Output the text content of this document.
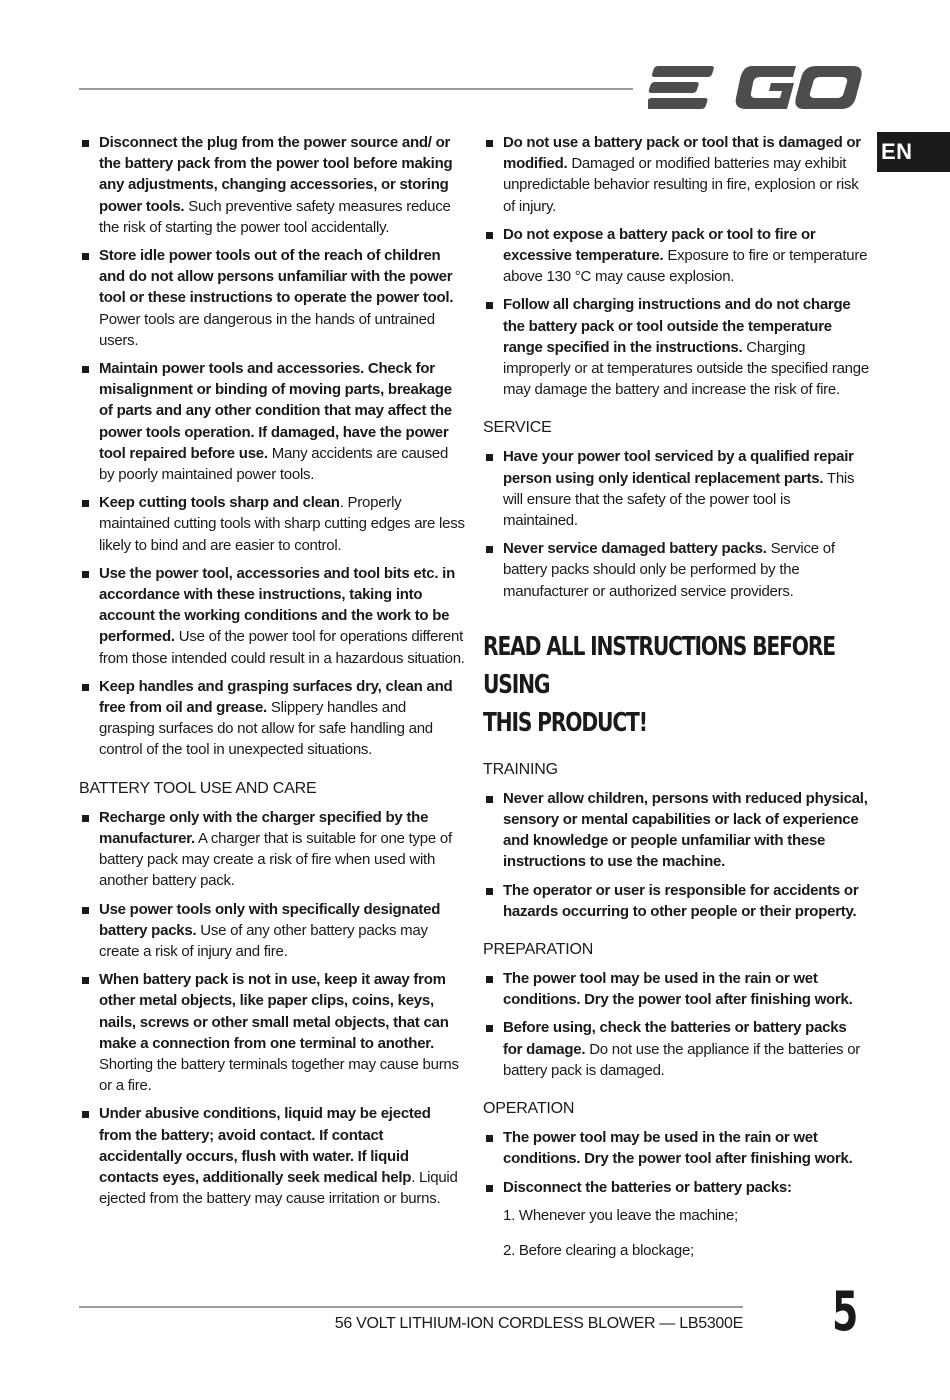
EN
Disconnect the plug from the power source and/ or the battery pack from the power tool before making any adjustments, changing accessories, or storing power tools. Such preventive safety measures reduce the risk of starting the power tool accidentally.
Store idle power tools out of the reach of children and do not allow persons unfamiliar with the power tool or these instructions to operate the power tool. Power tools are dangerous in the hands of untrained users.
Maintain power tools and accessories. Check for misalignment or binding of moving parts, breakage of parts and any other condition that may affect the power tools operation. If damaged, have the power tool repaired before use. Many accidents are caused by poorly maintained power tools.
Keep cutting tools sharp and clean. Properly maintained cutting tools with sharp cutting edges are less likely to bind and are easier to control.
Use the power tool, accessories and tool bits etc. in accordance with these instructions, taking into account the working conditions and the work to be performed. Use of the power tool for operations different from those intended could result in a hazardous situation.
Keep handles and grasping surfaces dry, clean and free from oil and grease. Slippery handles and grasping surfaces do not allow for safe handling and control of the tool in unexpected situations.
BATTERY TOOL USE AND CARE
Recharge only with the charger specified by the manufacturer. A charger that is suitable for one type of battery pack may create a risk of fire when used with another battery pack.
Use power tools only with specifically designated battery packs. Use of any other battery packs may create a risk of injury and fire.
When battery pack is not in use, keep it away from other metal objects, like paper clips, coins, keys, nails, screws or other small metal objects, that can make a connection from one terminal to another. Shorting the battery terminals together may cause burns or a fire.
Under abusive conditions, liquid may be ejected from the battery; avoid contact. If contact accidentally occurs, flush with water. If liquid contacts eyes, additionally seek medical help. Liquid ejected from the battery may cause irritation or burns.
Do not use a battery pack or tool that is damaged or modified. Damaged or modified batteries may exhibit unpredictable behavior resulting in fire, explosion or risk of injury.
Do not expose a battery pack or tool to fire or excessive temperature. Exposure to fire or temperature above 130 °C may cause explosion.
Follow all charging instructions and do not charge the battery pack or tool outside the temperature range specified in the instructions. Charging improperly or at temperatures outside the specified range may damage the battery and increase the risk of fire.
SERVICE
Have your power tool serviced by a qualified repair person using only identical replacement parts. This will ensure that the safety of the power tool is maintained.
Never service damaged battery packs. Service of battery packs should only be performed by the manufacturer or authorized service providers.
READ ALL INSTRUCTIONS BEFORE USING
THIS PRODUCT!
TRAINING
Never allow children, persons with reduced physical, sensory or mental capabilities or lack of experience and knowledge or people unfamiliar with these instructions to use the machine.
The operator or user is responsible for accidents or hazards occurring to other people or their property.
PREPARATION
The power tool may be used in the rain or wet conditions. Dry the power tool after finishing work.
Before using, check the batteries or battery packs for damage. Do not use the appliance if the batteries or battery pack is damaged.
OPERATION
The power tool may be used in the rain or wet conditions. Dry the power tool after finishing work.
Disconnect the batteries or battery packs:
1. Whenever you leave the machine;
2. Before clearing a blockage;
56 VOLT LITHIUM-ION CORDLESS BLOWER — LB5300E 5
